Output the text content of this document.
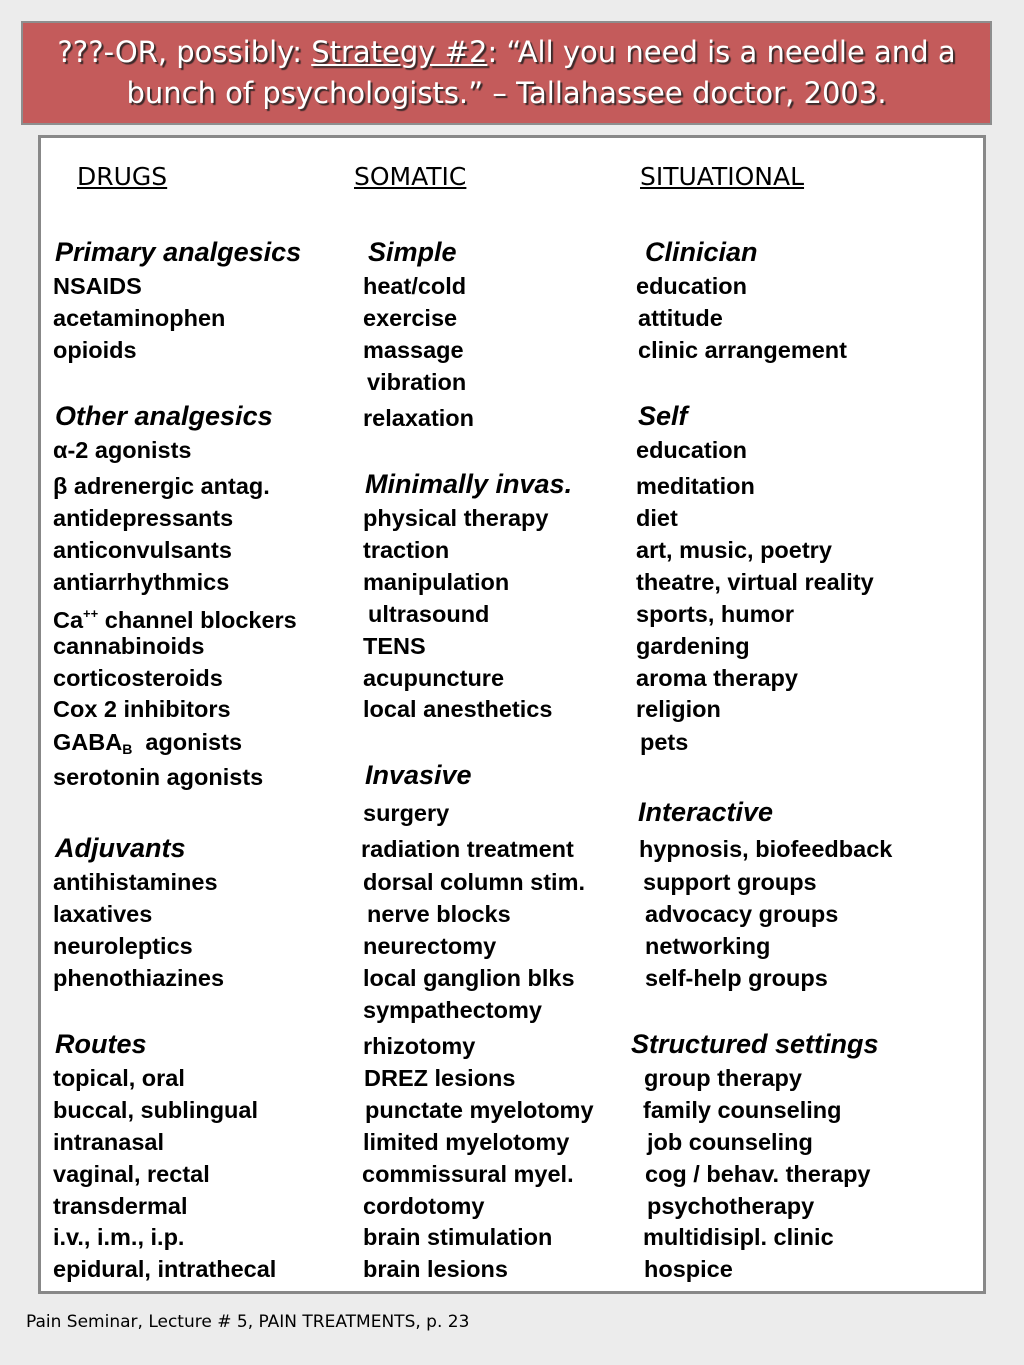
???-OR, possibly: Strategy #2: “All you need is a needle and a bunch of psychologists.” – Tallahassee doctor, 2003.
DRUGS	SOMATIC	SITUATIONAL
Primary analgesics
NSAIDS
acetaminophen
opioids
Other analgesics
α-2 agonists
β adrenergic antag.
antidepressants
anticonvulsants
antiarrhythmics
Ca++ channel blockers
cannabinoids
corticosteroids
Cox 2 inhibitors
$GABA_B$  agonists
serotonin agonists
Adjuvants
antihistamines
laxatives
neuroleptics
phenothiazines
Routes
topical, oral
buccal, sublingual
intranasal
vaginal, rectal
transdermal
i.v., i.m., i.p.
epidural, intrathecal
Simple
heat/cold
exercise
massage
vibration
relaxation
Minimally invas.
physical therapy
traction
manipulation
ultrasound
TENS
acupuncture
local anesthetics
Invasive
surgery
radiation treatment
dorsal column stim.
nerve blocks
neurectomy
local ganglion blks
sympathectomy
rhizotomy
DREZ lesions
punctate myelotomy
limited myelotomy
commissural myel.
cordotomy
brain stimulation
brain lesions
Clinician
education
attitude
clinic arrangement
Self
education
meditation
diet
art, music, poetry
theatre, virtual reality
sports, humor
gardening
aroma therapy
religion
pets
Interactive
hypnosis, biofeedback
support groups
advocacy groups
networking
self-help groups
Structured settings
group therapy
family counseling
job counseling
cog / behav. therapy
psychotherapy
multidisipl. clinic
hospice
Pain Seminar, Lecture # 5, PAIN TREATMENTS, p. 23
